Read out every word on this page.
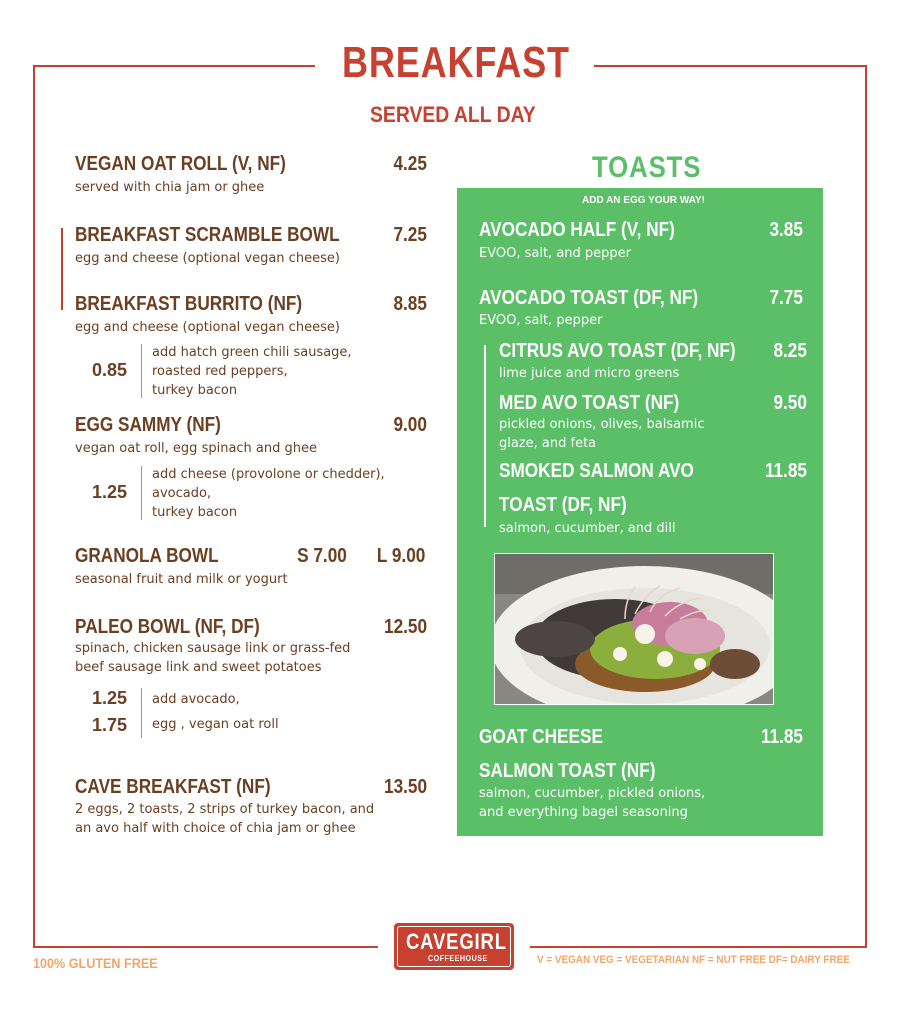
BREAKFAST
SERVED ALL DAY
VEGAN OAT ROLL (V, NF)	4.25
served with chia jam or ghee
BREAKFAST SCRAMBLE BOWL	7.25
egg and cheese (optional vegan cheese)
BREAKFAST BURRITO (NF)	8.85
egg and cheese (optional vegan cheese)
0.85
add hatch green chili sausage,
roasted red peppers,
turkey bacon
EGG SAMMY (NF)	9.00
vegan oat roll, egg spinach and ghee
1.25
add cheese (provolone or chedder),
avocado,
turkey bacon
GRANOLA BOWL	S 7.00 L 9.00
seasonal fruit and milk or yogurt
PALEO BOWL (NF, DF)	12.50
spinach, chicken sausage link or grass-fed
beef sausage link and sweet potatoes
1.25 add avocado,
1.75 egg , vegan oat roll
CAVE BREAKFAST (NF)	13.50
2 eggs, 2 toasts, 2 strips of turkey bacon, and
an avo half with choice of chia jam or ghee
TOASTS
ADD AN EGG YOUR WAY!
AVOCADO HALF (V, NF)	3.85
EVOO, salt, and pepper
AVOCADO TOAST (DF, NF)	7.75
EVOO, salt, pepper
CITRUS AVO TOAST (DF, NF) 8.25
lime juice and micro greens
MED AVO TOAST (NF)	9.50
pickled onions, olives, balsamic
glaze, and feta
SMOKED SALMON AVO
TOAST (DF, NF)
11.85
salmon, cucumber, and dill
GOAT CHEESE
SALMON TOAST (NF)
11.85
salmon, cucumber, pickled onions,
and everything bagel seasoning
100% GLUTEN FREE
CAVEGIRL
COFFEEHOUSE	V = VEGAN VEG = VEGETARIAN NF = NUT FREE DF= DAIRY FREE
